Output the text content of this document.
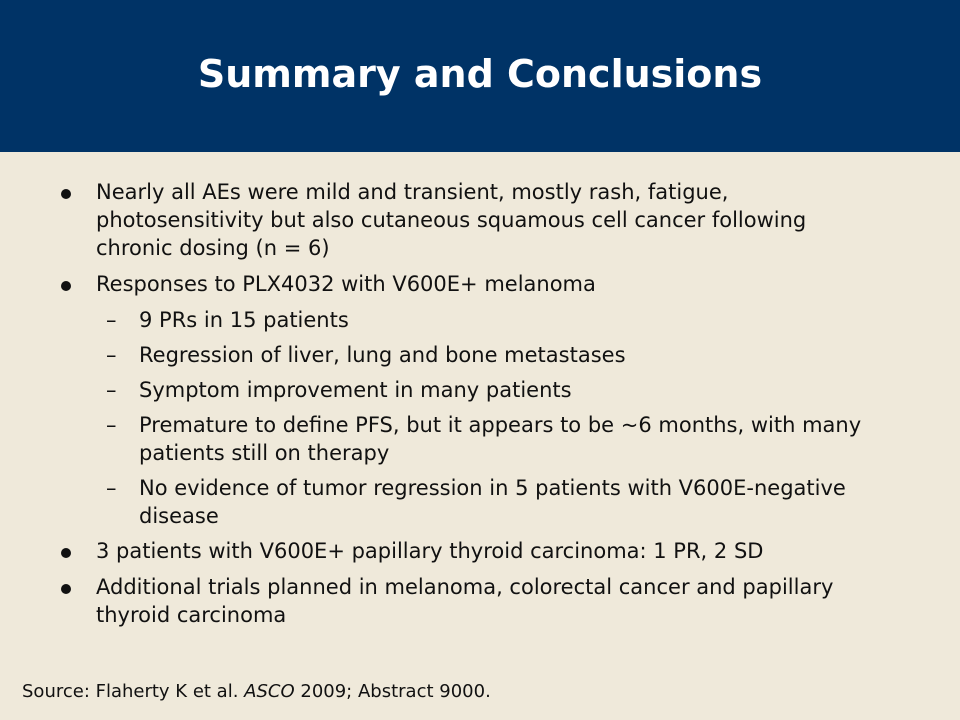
Summary and Conclusions
Nearly all AEs were mild and transient, mostly rash, fatigue, photosensitivity but also cutaneous squamous cell cancer following chronic dosing (n = 6)
Responses to PLX4032 with V600E+ melanoma
– 9 PRs in 15 patients
– Regression of liver, lung and bone metastases
– Symptom improvement in many patients
– Premature to define PFS, but it appears to be ~6 months, with many patients still on therapy
– No evidence of tumor regression in 5 patients with V600E-negative disease
3 patients with V600E+ papillary thyroid carcinoma: 1 PR, 2 SD
Additional trials planned in melanoma, colorectal cancer and papillary thyroid carcinoma
Source: Flaherty K et al. ASCO 2009; Abstract 9000.
